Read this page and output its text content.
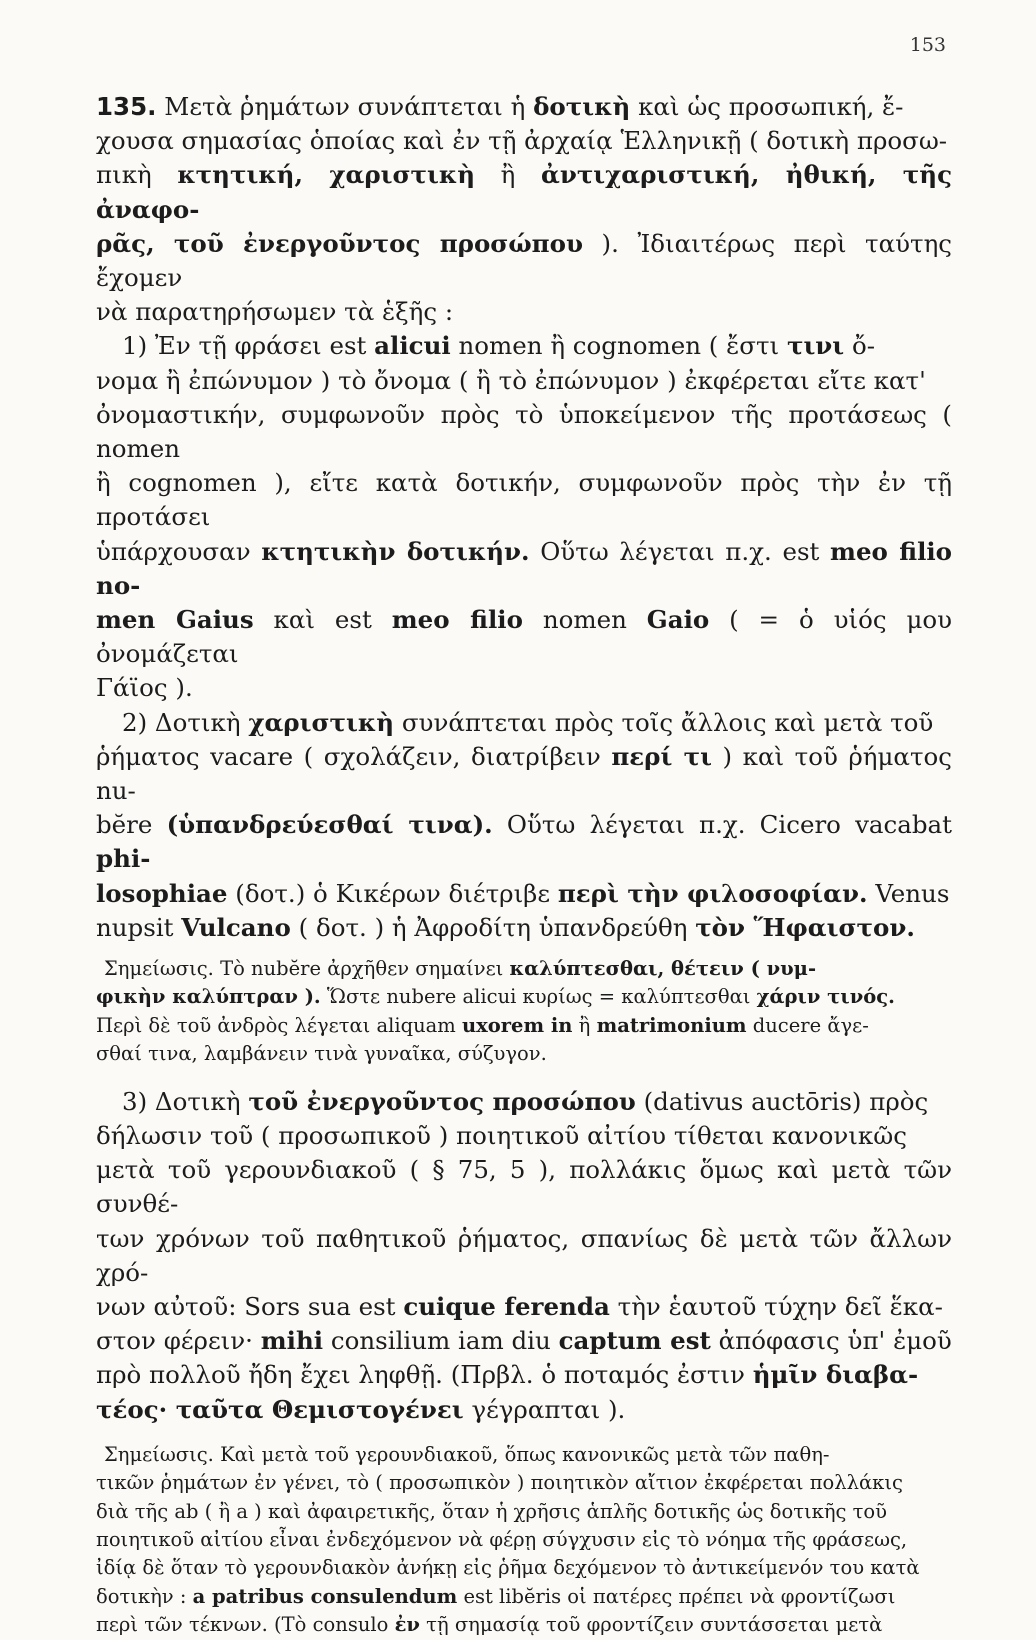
153

135. Μετὰ ῥημάτων συνάπτεται ἡ δοτικὴ καὶ ὡς προσωπική, ἔ-

χουσα σημασίας ὁποίας καὶ ἐν τῇ ἀρχαίᾳ Ἑλληνικῇ ( δοτικὴ προσω-

πικὴ κτητική, χαριστικὴ ἢ ἀντιχαριστική, ἠθική, τῆς ἀναφο-

ρᾶς, τοῦ ἐνεργοῦντος προσώπου ). Ἰδιαιτέρως περὶ ταύτης ἔχομεν

νὰ παρατηρήσωμεν τὰ ἑξῆς :

1) Ἐν τῇ φράσει est alicui nomen ἢ cognomen ( ἔστι τινι ὄ-

νομα ἢ ἐπώνυμον ) τὸ ὄνομα ( ἢ τὸ ἐπώνυμον ) ἐκφέρεται εἴτε κατ'

ὀνομαστικήν, συμφωνοῦν πρὸς τὸ ὑποκείμενον τῆς προτάσεως ( nomen

ἢ cognomen ), εἴτε κατὰ δοτικήν, συμφωνοῦν πρὸς τὴν ἐν τῇ προτάσει

ὑπάρχουσαν κτητικὴν δοτικήν. Οὕτω λέγεται π.χ. est meo filio no-

men Gaius καὶ est meo filio nomen Gaio ( = ὁ υἱός μου ὀνομάζεται

Γάϊος ).

2) Δοτικὴ χαριστικὴ συνάπτεται πρὸς τοῖς ἄλλοις καὶ μετὰ τοῦ

ῥήματος vacare ( σχολάζειν, διατρίβειν περί τι ) καὶ τοῦ ῥήματος nu-

bĕre (ὑπανδρεύεσθαί τινα). Οὕτω λέγεται π.χ. Cicero vacabat phi-

losophiae (δοτ.) ὁ Κικέρων διέτριβε περὶ τὴν φιλοσοφίαν. Venus

nupsit Vulcano ( δοτ. ) ἡ Ἀφροδίτη ὑπανδρεύθη τὸν Ἥφαιστον.

Σημείωσις. Τὸ nubĕre ἀρχῆθεν σημαίνει καλύπτεσθαι, θέτειν ( νυμ-

φικὴν καλύπτραν ). Ὥστε nubere alicui κυρίως = καλύπτεσθαι χάριν τινός.

Περὶ δὲ τοῦ ἀνδρὸς λέγεται aliquam uxorem in ἢ matrimonium ducere ἄγε-

σθαί τινα, λαμβάνειν τινὰ γυναῖκα, σύζυγον.

3) Δοτικὴ τοῦ ἐνεργοῦντος προσώπου (dativus auctōris) πρὸς

δήλωσιν τοῦ ( προσωπικοῦ ) ποιητικοῦ αἰτίου τίθεται κανονικῶς

μετὰ τοῦ γερουνδιακοῦ ( § 75, 5 ), πολλάκις ὅμως καὶ μετὰ τῶν συνθέ-

των χρόνων τοῦ παθητικοῦ ῥήματος, σπανίως δὲ μετὰ τῶν ἄλλων χρό-

νων αὐτοῦ: Sors sua est cuique ferenda τὴν ἑαυτοῦ τύχην δεῖ ἕκα-

στον φέρειν· mihi consilium iam diu captum est ἀπόφασις ὑπ' ἐμοῦ

πρὸ πολλοῦ ἤδη ἔχει ληφθῇ. (Πρβλ. ὁ ποταμός ἐστιν ἡμῖν διαβα-

τέος· ταῦτα Θεμιστογένει γέγραπται ).

Σημείωσις. Καὶ μετὰ τοῦ γερουνδιακοῦ, ὅπως κανονικῶς μετὰ τῶν παθη-

τικῶν ῥημάτων ἐν γένει, τὸ ( προσωπικὸν ) ποιητικὸν αἴτιον ἐκφέρεται πολλάκις

διὰ τῆς ab ( ἢ a ) καὶ ἀφαιρετικῆς, ὅταν ἡ χρῆσις ἁπλῆς δοτικῆς ὡς δοτικῆς τοῦ

ποιητικοῦ αἰτίου εἶναι ἐνδεχόμενον νὰ φέρῃ σύγχυσιν εἰς τὸ νόημα τῆς φράσεως,

ἰδίᾳ δὲ ὅταν τὸ γερουνδιακὸν ἀνήκῃ εἰς ῥῆμα δεχόμενον τὸ ἀντικείμενόν του κατὰ

δοτικὴν : a patribus consulendum est libĕris οἱ πατέρες πρέπει νὰ φροντίζωσι

περὶ τῶν τέκνων. (Τὸ consulo ἐν τῇ σημασίᾳ τοῦ φροντίζειν συντάσσεται μετὰ
